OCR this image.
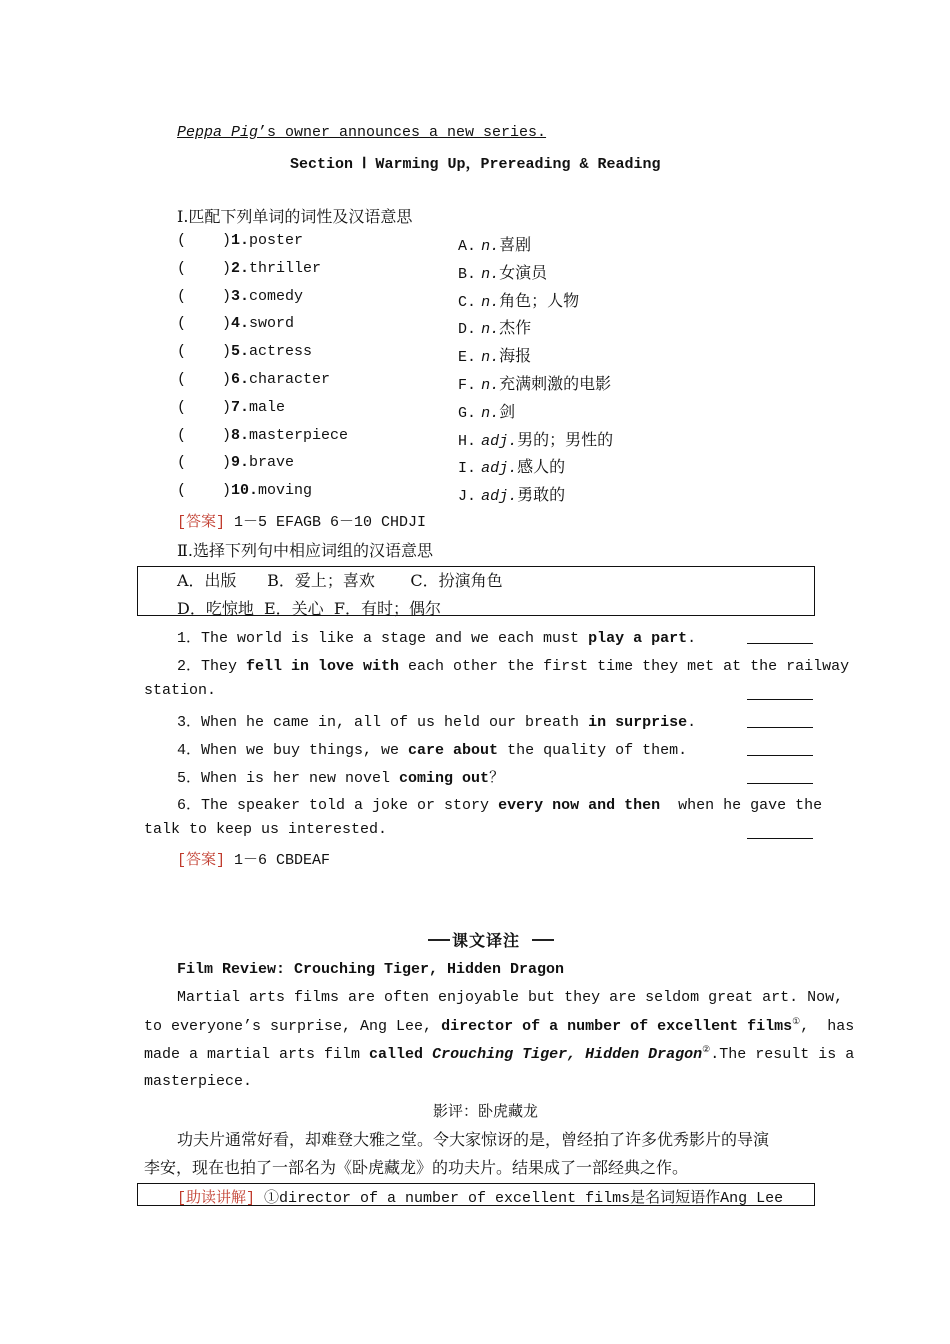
Peppa Pig’s owner announces a new series.
Section Ⅰ Warming Up，Prereading & Reading
Ⅰ.匹配下列单词的词性及汉语意思
(    )1.poster	A. n.喜剧
(    )2.thriller	B. n.女演员
(    )3.comedy	C. n.角色；人物
(    )4.sword	D. n.杰作
(    )5.actress	E. n.海报
(    )6.character	F. n.充满刺激的电影
(    )7.male	G. n.剑
(    )8.masterpiece	H. adj.男的；男性的
(    )9.brave	I. adj.感人的
(    )10.moving	J. adj.勇敢的
[答案] 1－5 EFAGB 6－10 CHDJI
Ⅱ.选择下列句中相应词组的汉语意思
A．出版      B．爱上；喜欢       C．扮演角色
D．吃惊地  E．关心  F．有时；偶尔
1．The world is like a stage and we each must play a part.
2．They fell in love with each other the first time they met at the railway
station.
3．When he came in, all of us held our breath in surprise.
4．When we buy things, we care about the quality of them.
5．When is her new novel coming out？
6．The speaker told a joke or story every now and then  when he gave the
talk to keep us interested.
[答案] 1－6 CBDEAF
课文译注
Film Review: Crouching Tiger, Hidden Dragon
Martial arts films are often enjoyable but they are seldom great art. Now,
to everyone’s surprise, Ang Lee, director of a number of excellent films①,  has
made a martial arts film called Crouching Tiger, Hidden Dragon②.The result is a
masterpiece.
影评：卧虎藏龙
功夫片通常好看，却难登大雅之堂。令大家惊讶的是，曾经拍了许多优秀影片的导演
李安，现在也拍了一部名为《卧虎藏龙》的功夫片。结果成了一部经典之作。
[助读讲解] ①director of a number of excellent films是名词短语作Ang Lee
